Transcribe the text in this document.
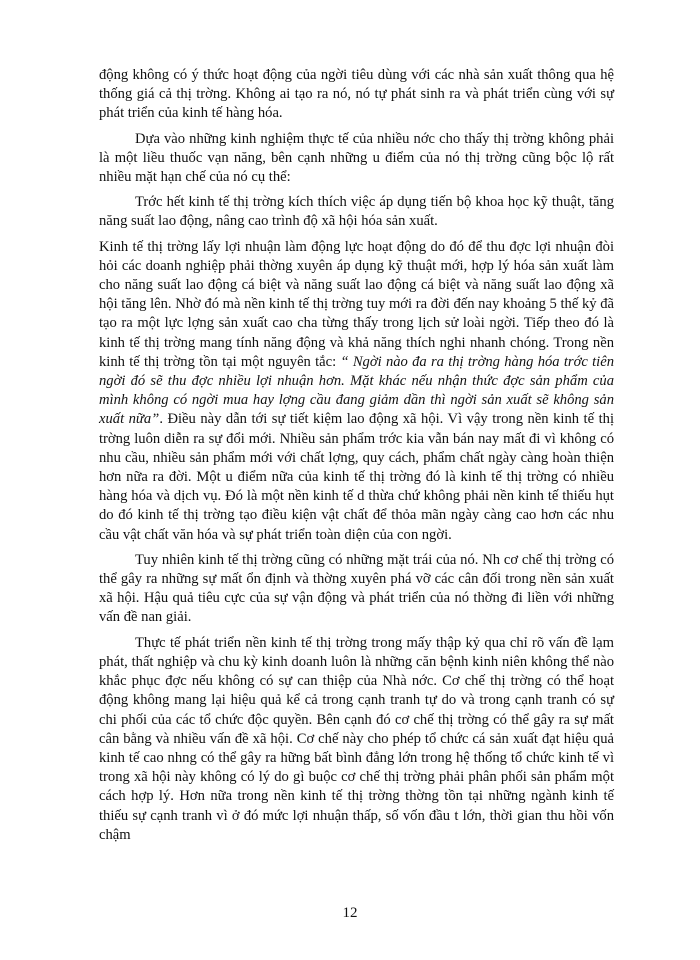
động không có ý thức hoạt động của ngời tiêu dùng với các nhà sản xuất thông qua hệ thống giá cả thị trờng. Không ai tạo ra nó, nó tự phát sinh ra và phát triển cùng với sự phát triển của kinh tế hàng hóa.

Dựa vào những kinh nghiệm thực tế của nhiều nớc cho thấy thị trờng không phải là một liều thuốc vạn năng, bên cạnh những u điểm của nó thị trờng cũng bộc lộ rất nhiều mặt hạn chế của nó cụ thể:

Trớc hết kinh tế thị trờng kích thích việc áp dụng tiến bộ khoa học kỹ thuật, tăng năng suất lao động, nâng cao trình độ xã hội hóa sản xuất.

Kinh tế thị trờng lấy lợi nhuận làm động lực hoạt động do đó để thu đợc lợi nhuận đòi hỏi các doanh nghiệp phải thờng xuyên áp dụng kỹ thuật mới, hợp lý hóa sản xuất làm cho năng suất lao động cá biệt và năng suất lao động cá biệt và năng suất lao động xã hội tăng lên. Nhờ đó mà nền kinh tế thị trờng tuy mới ra đời đến nay khoảng 5 thế kỷ đã tạo ra một lực lợng sản xuất cao cha từng thấy trong lịch sử loài ngời. Tiếp theo đó là kinh tế thị trờng mang tính năng động và khả năng thích nghi nhanh chóng. Trong nền kinh tế thị trờng tồn tại một nguyên tắc: “ Ngời nào đa ra thị trờng hàng hóa trớc tiên ngời đó sẽ thu đợc nhiều lợi nhuận hơn. Mặt khác nếu nhận thức đợc sản phẩm của mình không có ngời mua hay lợng cầu đang giảm dần thì ngời sản xuất sẽ không sản xuất nữa”. Điều này dẫn tới sự tiết kiệm lao động xã hội. Vì vậy trong nền kinh tế thị trờng luôn diễn ra sự đổi mới. Nhiều sản phẩm trớc kia vẫn bán nay mất đi vì không có nhu cầu, nhiều sản phẩm mới với chất lợng, quy cách, phẩm chất ngày càng hoàn thiện hơn nữa ra đời. Một u điểm nữa của kinh tế thị trờng đó là kinh tế thị trờng có nhiều hàng hóa và dịch vụ. Đó là một nền kinh tế d thừa chứ không phải nền kinh tế thiếu hụt do đó kinh tế thị trờng tạo điều kiện vật chất để thỏa mãn ngày càng cao hơn các nhu cầu vật chất văn hóa và sự phát triển toàn diện của con ngời.

Tuy nhiên kinh tế thị trờng cũng có những mặt trái của nó. Nh cơ chế thị trờng có thể gây ra những sự mất ổn định và thờng xuyên phá vỡ các cân đối trong nền sản xuất xã hội. Hậu quả tiêu cực của sự vận động và phát triển của nó thờng đi liền với những vấn đề nan giải.

Thực tế phát triển nền kinh tế thị trờng trong mấy thập kỷ qua chỉ rõ vấn đề lạm phát, thất nghiệp và chu kỳ kinh doanh luôn là những căn bệnh kinh niên không thể nào khắc phục đợc nếu không có sự can thiệp của Nhà nớc. Cơ chế thị trờng có thể hoạt động không mang lại hiệu quả kể cả trong cạnh tranh tự do và trong cạnh tranh có sự chi phối của các tổ chức độc quyền. Bên cạnh đó cơ chế thị trờng có thể gây ra sự mất cân bằng và nhiều vấn đề xã hội. Cơ chế này cho phép tổ chức cá sản xuất đạt hiệu quả kinh tế cao nhng có thể gây ra hững bất bình đẳng lớn trong hệ thống tổ chức kinh tế vì trong xã hội này không có lý do gì buộc cơ chế thị trờng phải phân phối sản phẩm một cách hợp lý. Hơn nữa trong nền kinh tế thị trờng thờng tồn tại những ngành kinh tế thiếu sự cạnh tranh vì ở đó mức lợi nhuận thấp, số vốn đầu t lớn, thời gian thu hồi vốn chậm

12
